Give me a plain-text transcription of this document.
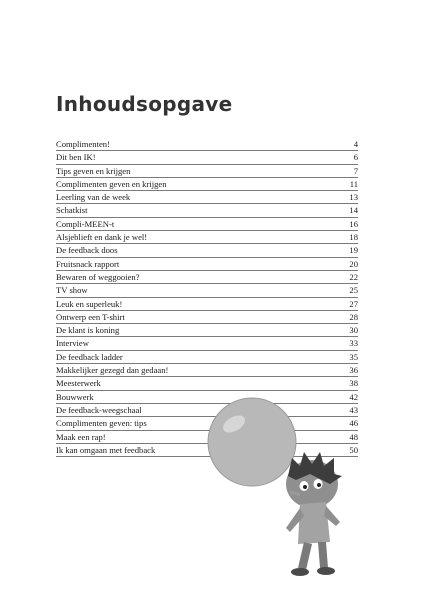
Inhoudsopgave
Complimenten!	4
Dit ben IK!	6
Tips geven en krijgen	7
Complimenten geven en krijgen	11
Leerling van de week	13
Schatkist	14
Compli-MEEN-t	16
Alsjeblieft en dank je wel!	18
De feedback doos	19
Fruitsnack rapport	20
Bewaren of weggooien?	22
TV show	25
Leuk en superleuk!	27
Ontwerp een T-shirt	28
De klant is koning	30
Interview	33
De feedback ladder	35
Makkelijker gezegd dan gedaan!	36
Meesterwerk	38
Bouwwerk	42
De feedback-weegschaal	43
Complimenten geven: tips	46
Maak een rap!	48
Ik kan omgaan met feedback	50
